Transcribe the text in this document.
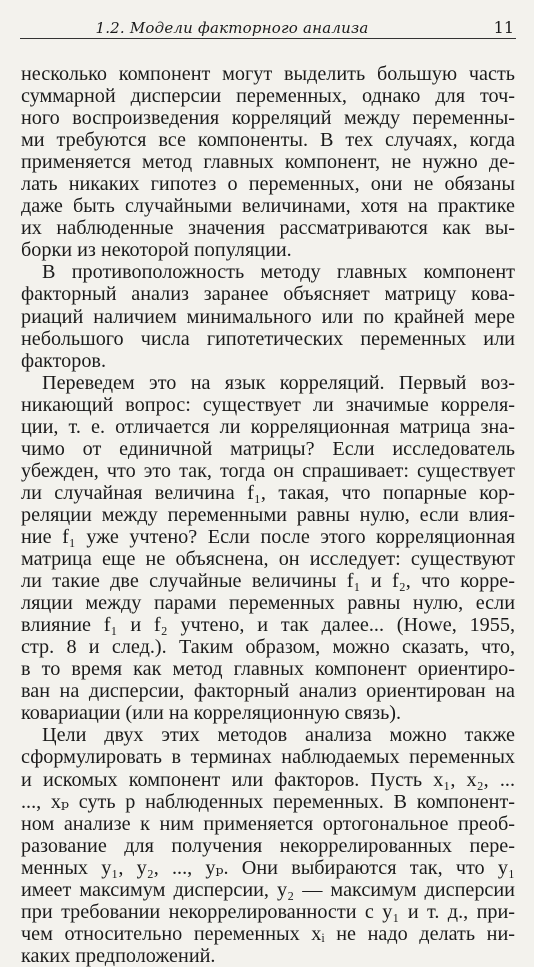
1.2. Модели факторного анализа	11
несколько компонент могут выделить большую часть
суммарной дисперсии переменных, однако для точ-
ного воспроизведения корреляций между переменны-
ми требуются все компоненты. В тех случаях, когда
применяется метод главных компонент, не нужно де-
лать никаких гипотез о переменных, они не обязаны
даже быть случайными величинами, хотя на практике
их наблюденные значения рассматриваются как вы-
борки из некоторой популяции.
В противоположность методу главных компонент
факторный анализ заранее объясняет матрицу кова-
риаций наличием минимального или по крайней мере
небольшого числа гипотетических переменных или
факторов.
Переведем это на язык корреляций. Первый воз-
никающий вопрос: существует ли значимые корреля-
ции, т. е. отличается ли корреляционная матрица зна-
чимо от единичной матрицы? Если исследователь
убежден, что это так, тогда он спрашивает: существует
ли случайная величина f₁, такая, что попарные кор-
реляции между переменными равны нулю, если влия-
ние f₁ уже учтено? Если после этого корреляционная
матрица еще не объяснена, он исследует: существуют
ли такие две случайные величины f₁ и f₂, что корре-
ляции между парами переменных равны нулю, если
влияние f₁ и f₂ учтено, и так далее... (Howe, 1955,
стр. 8 и след.). Таким образом, можно сказать, что,
в то время как метод главных компонент ориентиро-
ван на дисперсии, факторный анализ ориентирован на
ковариации (или на корреляционную связь).
Цели двух этих методов анализа можно также
сформулировать в терминах наблюдаемых переменных
и искомых компонент или факторов. Пусть x₁, x₂, ...
..., xₚ суть p наблюденных переменных. В компонент-
ном анализе к ним применяется ортогональное преоб-
разование для получения некоррелированных пере-
менных y₁, y₂, ..., yₚ. Они выбираются так, что y₁
имеет максимум дисперсии, y₂ — максимум дисперсии
при требовании некоррелированности с y₁ и т. д., при-
чем относительно переменных xᵢ не надо делать ни-
каких предположений.
